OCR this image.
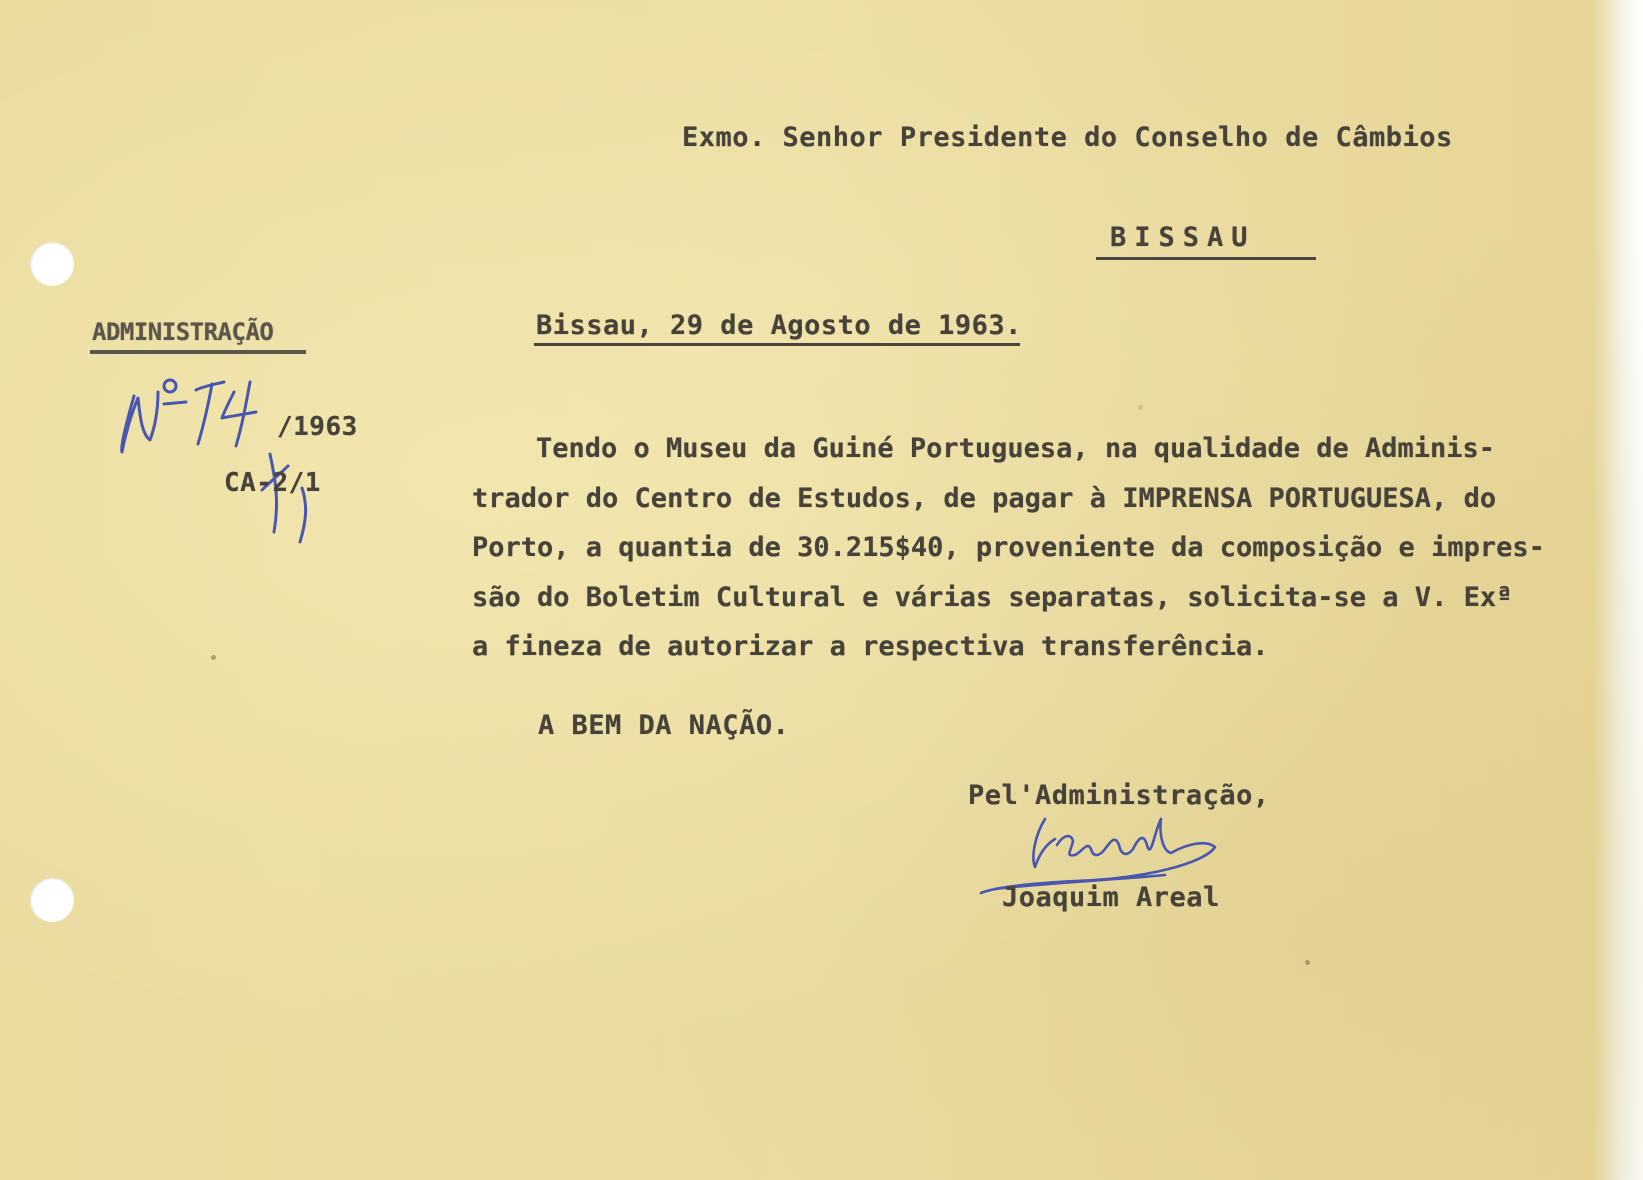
Exmo. Senhor Presidente do Conselho de Câmbios
BISSAU
ADMINISTRAÇÃO
/1963
CA-2/1
Bissau, 29 de Agosto de 1963.
Tendo o Museu da Guiné Portuguesa, na qualidade de Adminis-
trador do Centro de Estudos, de pagar à IMPRENSA PORTUGUESA, do
Porto, a quantia de 30.215$40, proveniente da composição e impres-
são do Boletim Cultural e várias separatas, solicita-se a V. Exª
a fineza de autorizar a respectiva transferência.
A BEM DA NAÇÃO.
Pel'Administração,
Joaquim Areal
